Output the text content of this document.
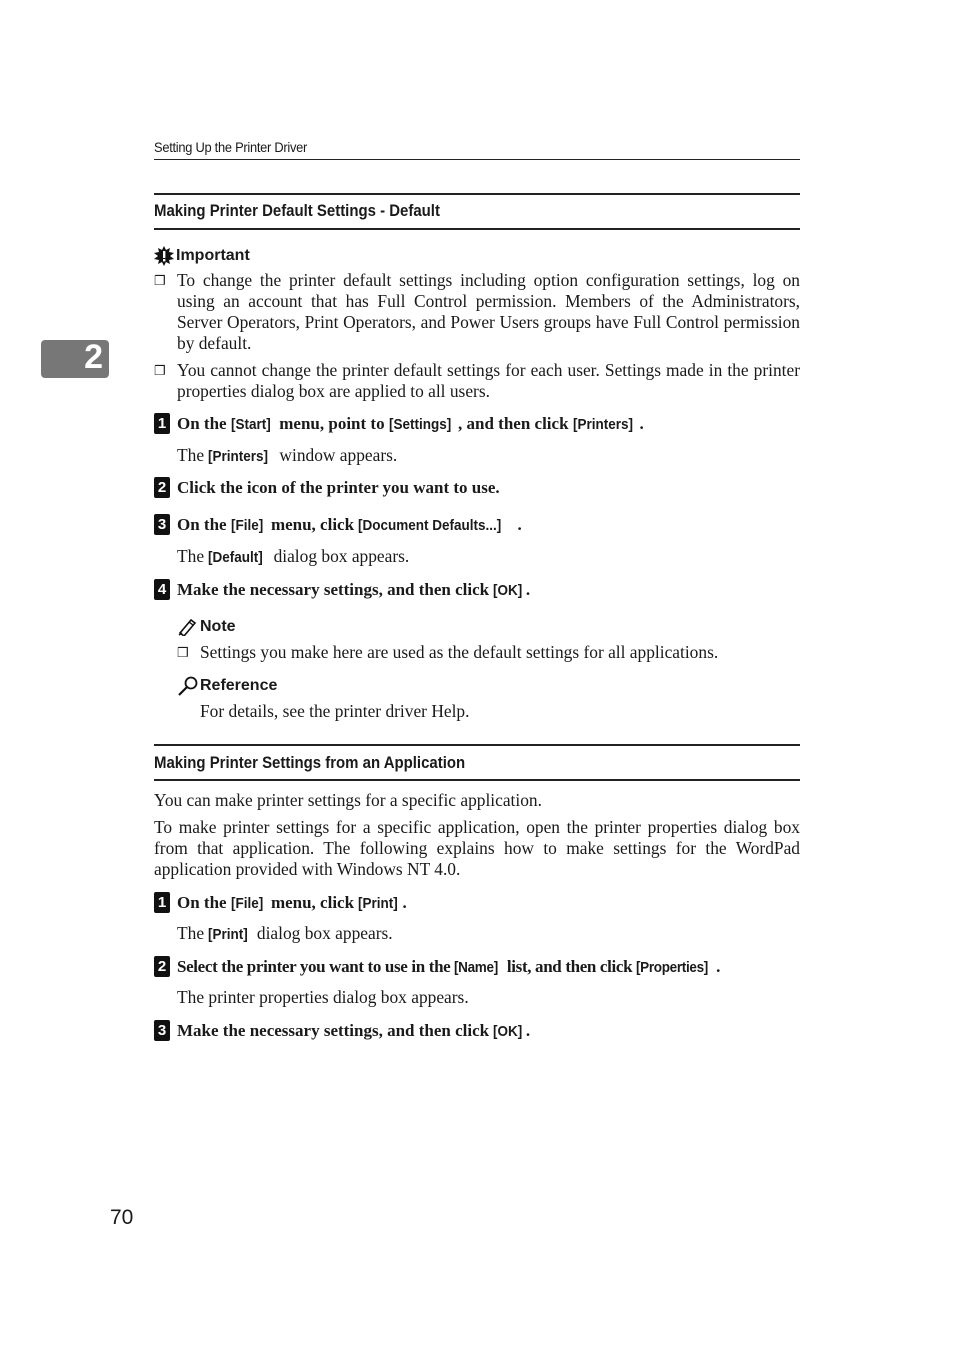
Setting Up the Printer Driver
2
Making Printer Default Settings - Default
Important
❒ To change the printer default settings including option configuration settings, log on using an account that has Full Control permission. Members of the Administrators, Server Operators, Print Operators, and Power Users groups have Full Control permission by default.
❒ You cannot change the printer default settings for each user. Settings made in the printer properties dialog box are applied to all users.
1 On the [Start] menu, point to [Settings] , and then click [Printers] .
The [Printers] window appears.
2 Click the icon of the printer you want to use.
3 On the [File] menu, click [Document Defaults...] .
The [Default] dialog box appears.
4 Make the necessary settings, and then click [OK] .
Note
❒ Settings you make here are used as the default settings for all applications.
Reference
For details, see the printer driver Help.
Making Printer Settings from an Application
You can make printer settings for a specific application.
To make printer settings for a specific application, open the printer properties dialog box from that application. The following explains how to make settings for the WordPad application provided with Windows NT 4.0.
1 On the [File] menu, click [Print] .
The [Print] dialog box appears.
2 Select the printer you want to use in the [Name] list, and then click [Properties] .
The printer properties dialog box appears.
3 Make the necessary settings, and then click [OK] .
70
